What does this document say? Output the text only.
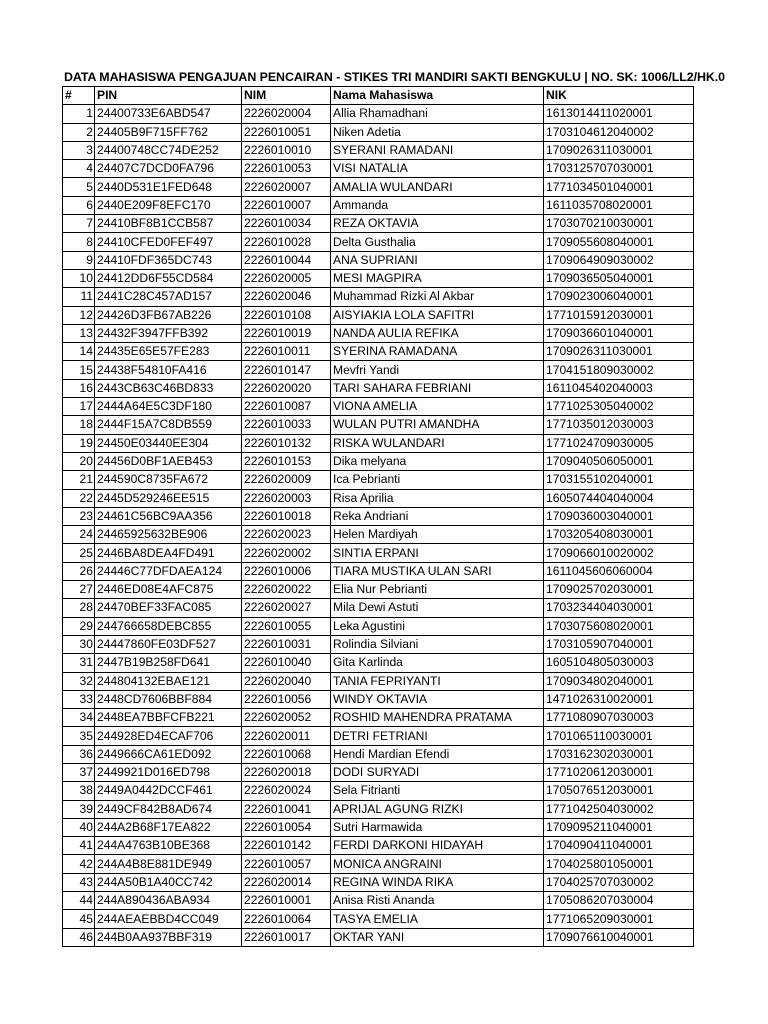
DATA MAHASISWA PENGAJUAN PENCAIRAN - STIKES TRI MANDIRI SAKTI BENGKULU | NO. SK: 1006/LL2/HK.0
#	PIN	NIM	Nama Mahasiswa	NIK
1	24400733E6ABD547	2226020004	Allia Rhamadhani	1613014411020001
2	24405B9F715FF762	2226010051	Niken Adetia	1703104612040002
3	24400748CC74DE252	2226010010	SYERANI RAMADANI	1709026311030001
4	24407C7DCD0FA796	2226010053	VISI NATALIA	1703125707030001
5	2440D531E1FED648	2226020007	AMALIA WULANDARI	1771034501040001
6	2440E209F8EFC170	2226010007	Ammanda	1611035708020001
7	24410BF8B1CCB587	2226010034	REZA OKTAVIA	1703070210030001
8	24410CFED0FEF497	2226010028	Delta Gusthalia	1709055608040001
9	24410FDF365DC743	2226010044	ANA SUPRIANI	1709064909030002
10	24412DD6F55CD584	2226020005	MESI MAGPIRA	1709036505040001
11	2441C28C457AD157	2226020046	Muhammad Rizki Al Akbar	1709023006040001
12	24426D3FB67AB226	2226010108	AISYIAKIA LOLA SAFITRI	1771015912030001
13	24432F3947FFB392	2226010019	NANDA AULIA REFIKA	1709036601040001
14	24435E65E57FE283	2226010011	SYERINA RAMADANA	1709026311030001
15	24438F54810FA416	2226010147	Mevfri Yandi	1704151809030002
16	2443CB63C46BD833	2226020020	TARI SAHARA FEBRIANI	1611045402040003
17	2444A64E5C3DF180	2226010087	VIONA AMELIA	1771025305040002
18	2444F15A7C8DB559	2226010033	WULAN PUTRI AMANDHA	1771035012030003
19	24450E03440EE304	2226010132	RISKA WULANDARI	1771024709030005
20	24456D0BF1AEB453	2226010153	Dika melyana	1709040506050001
21	244590C8735FA672	2226020009	Ica Pebrianti	1703155102040001
22	2445D529246EE515	2226020003	Risa Aprilia	1605074404040004
23	24461C56BC9AA356	2226010018	Reka Andriani	1709036003040001
24	24465925632BE906	2226020023	Helen Mardiyah	1703205408030001
25	2446BA8DEA4FD491	2226020002	SINTIA ERPANI	1709066010020002
26	24446C77DFDAEA124	2226010006	TIARA MUSTIKA ULAN SARI	1611045606060004
27	2446ED08E4AFC875	2226020022	Elia Nur Pebrianti	1709025702030001
28	24470BEF33FAC085	2226020027	Mila Dewi Astuti	1703234404030001
29	244766658DEBC855	2226010055	Leka Agustini	1703075608020001
30	24447860FE03DF527	2226010031	Rolindia Silviani	1703105907040001
31	2447B19B258FD641	2226010040	Gita Karlinda	1605104805030003
32	244804132EBAE121	2226020040	TANIA FEPRIYANTI	1709034802040001
33	2448CD7606BBF884	2226010056	WINDY OKTAVIA	1471026310020001
34	2448EA7BBFCFB221	2226020052	ROSHID MAHENDRA PRATAMA	1771080907030003
35	244928ED4ECAF706	2226020011	DETRI FETRIANI	1701065110030001
36	2449666CA61ED092	2226010068	Hendi Mardian Efendi	1703162302030001
37	2449921D016ED798	2226020018	DODI SURYADI	1771020612030001
38	2449A0442DCCF461	2226020024	Sela Fitrianti	1705076512030001
39	2449CF842B8AD674	2226010041	APRIJAL AGUNG RIZKI	1771042504030002
40	244A2B68F17EA822	2226010054	Sutri Harmawida	1709095211040001
41	244A4763B10BE368	2226010142	FERDI DARKONI HIDAYAH	1704090411040001
42	244A4B8E881DE949	2226010057	MONICA ANGRAINI	1704025801050001
43	244A50B1A40CC742	2226020014	REGINA WINDA RIKA	1704025707030002
44	244A890436ABA934	2226010001	Anisa Risti Ananda	1705086207030004
45	244AEAEBBD4CC049	2226010064	TASYA EMELIA	1771065209030001
46	244B0AA937BBF319	2226010017	OKTAR YANI	1709076610040001
